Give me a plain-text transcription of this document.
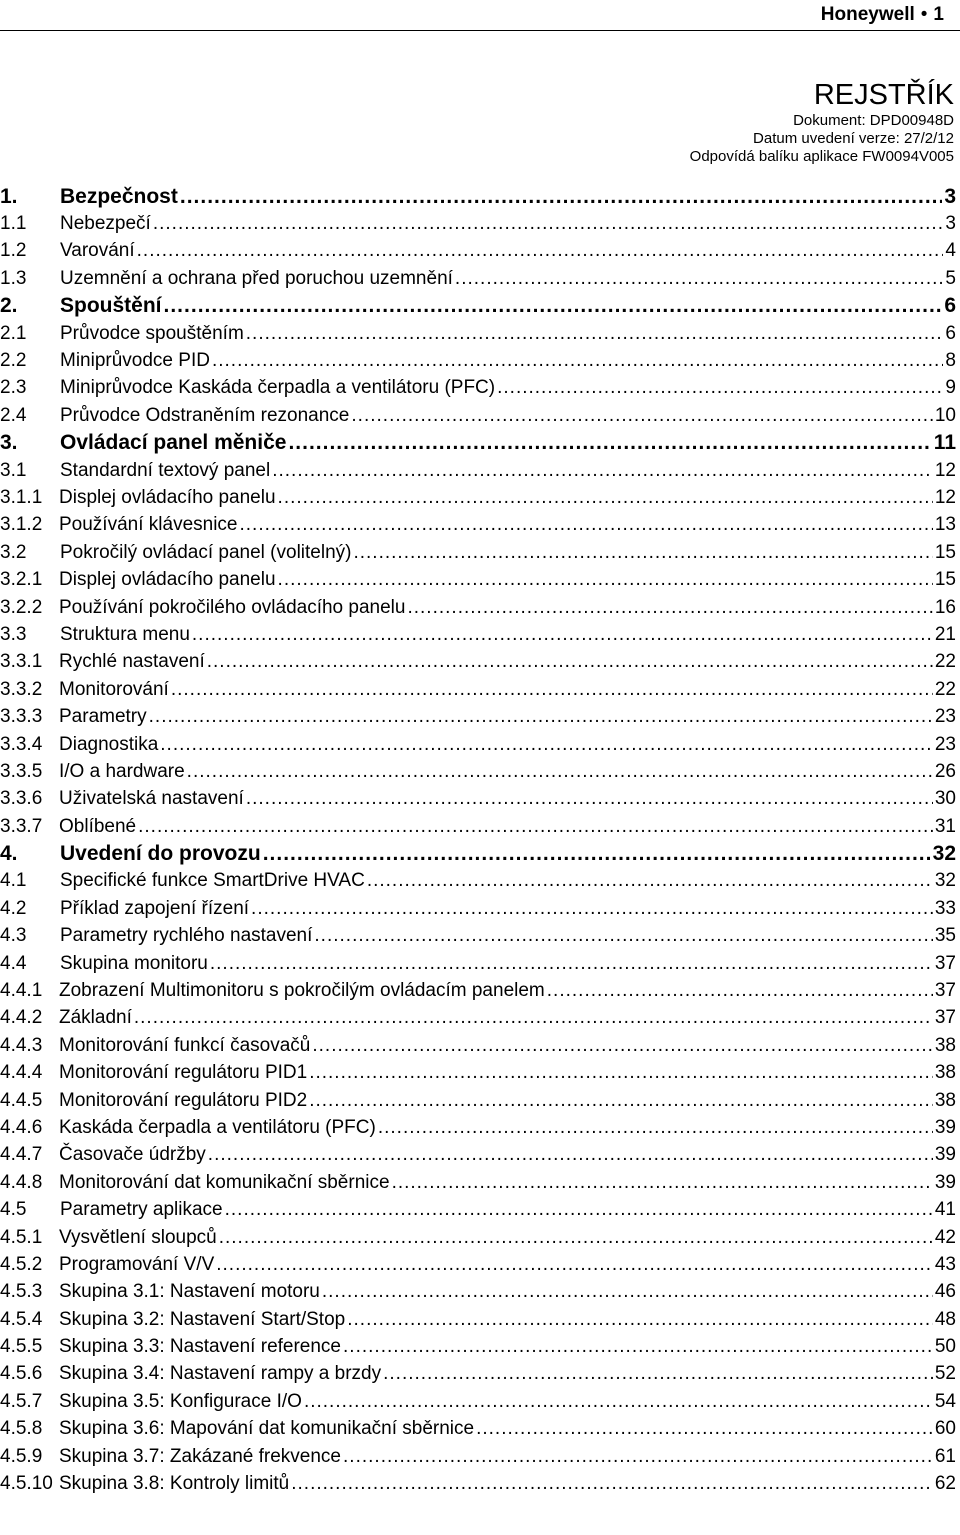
Honeywell • 1
REJSTŘÍK
Dokument: DPD00948D
Datum uvedení verze: 27/2/12
Odpovídá balíku aplikace FW0094V005
1. Bezpečnost .....	3
1.1 Nebezpečí .....	3
1.2 Varování .....	4
1.3 Uzemnění a ochrana před poruchou uzemnění .....	5
2. Spouštění .....	6
2.1 Průvodce spouštěním .....	6
2.2 Miniprůvodce PID .....	8
2.3 Miniprůvodce Kaskáda čerpadla a ventilátoru (PFC) .....	9
2.4 Průvodce Odstraněním rezonance .....	10
3. Ovládací panel měniče .....	11
3.1 Standardní textový panel .....	12
3.1.1 Displej ovládacího panelu .....	12
3.1.2 Používání klávesnice .....	13
3.2 Pokročilý ovládací panel (volitelný) .....	15
3.2.1 Displej ovládacího panelu .....	15
3.2.2 Používání pokročilého ovládacího panelu .....	16
3.3 Struktura menu .....	21
3.3.1 Rychlé nastavení .....	22
3.3.2 Monitorování .....	22
3.3.3 Parametry .....	23
3.3.4 Diagnostika .....	23
3.3.5 I/O a hardware .....	26
3.3.6 Uživatelská nastavení .....	30
3.3.7 Oblíbené .....	31
4. Uvedení do provozu .....	32
4.1 Specifické funkce SmartDrive HVAC .....	32
4.2 Příklad zapojení řízení .....	33
4.3 Parametry rychlého nastavení .....	35
4.4 Skupina monitoru .....	37
4.4.1 Zobrazení Multimonitoru s pokročilým ovládacím panelem .....	37
4.4.2 Základní .....	37
4.4.3 Monitorování funkcí časovačů .....	38
4.4.4 Monitorování regulátoru PID1 .....	38
4.4.5 Monitorování regulátoru PID2 .....	38
4.4.6 Kaskáda čerpadla a ventilátoru (PFC) .....	39
4.4.7 Časovače údržby .....	39
4.4.8 Monitorování dat komunikační sběrnice .....	39
4.5 Parametry aplikace .....	41
4.5.1 Vysvětlení sloupců .....	42
4.5.2 Programování V/V .....	43
4.5.3 Skupina 3.1: Nastavení motoru .....	46
4.5.4 Skupina 3.2: Nastavení Start/Stop .....	48
4.5.5 Skupina 3.3: Nastavení reference .....	50
4.5.6 Skupina 3.4: Nastavení rampy a brzdy .....	52
4.5.7 Skupina 3.5: Konfigurace I/O .....	54
4.5.8 Skupina 3.6: Mapování dat komunikační sběrnice .....	60
4.5.9 Skupina 3.7: Zakázané frekvence .....	61
4.5.10 Skupina 3.8: Kontroly limitů .....	62
